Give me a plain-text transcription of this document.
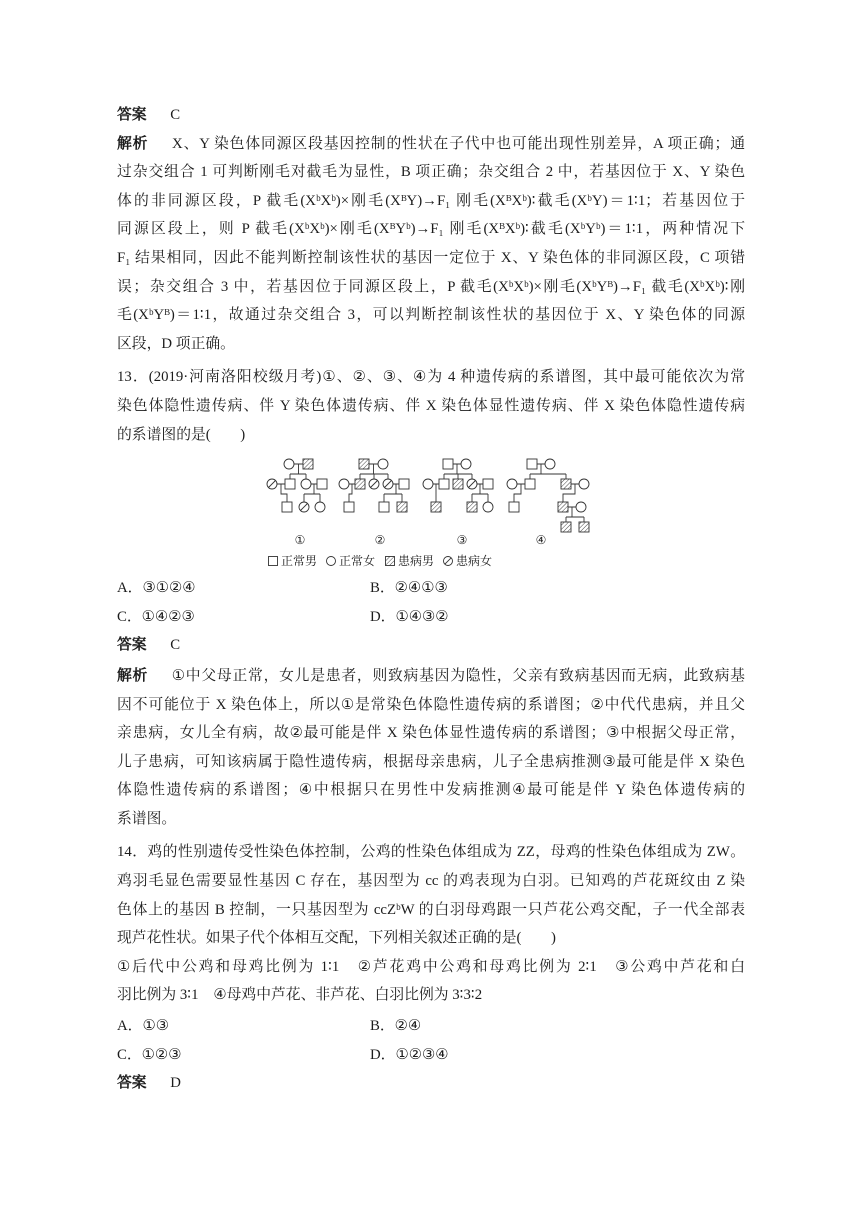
答案 C
解析 X、Y 染色体同源区段基因控制的性状在子代中也可能出现性别差异，A 项正确；通
过杂交组合 1 可判断刚毛对截毛为显性，B 项正确；杂交组合 2 中，若基因位于 X、Y 染色
体的非同源区段，P 截毛(XᵇXᵇ)×刚毛(XᴮY)→F₁ 刚毛(XᴮXᵇ)∶截毛(XᵇY)＝1∶1；若基因位于
同源区段上，则 P 截毛(XᵇXᵇ)×刚毛(XᴮYᵇ)→F₁ 刚毛(XᴮXᵇ)∶截毛(XᵇYᵇ)＝1∶1，两种情况下
F₁ 结果相同，因此不能判断控制该性状的基因一定位于 X、Y 染色体的非同源区段，C 项错
误；杂交组合 3 中，若基因位于同源区段上，P 截毛(XᵇXᵇ)×刚毛(XᵇYᴮ)→F₁ 截毛(XᵇXᵇ)∶刚
毛(XᵇYᴮ)＝1∶1，故通过杂交组合 3，可以判断控制该性状的基因位于 X、Y 染色体的同源
区段，D 项正确。
13．(2019·河南洛阳校级月考)①、②、③、④为 4 种遗传病的系谱图，其中最可能依次为常
染色体隐性遗传病、伴 Y 染色体遗传病、伴 X 染色体显性遗传病、伴 X 染色体隐性遗传病
的系谱图的是(　　)
①	②	③	④
正常男 正常女 患病男 患病女
A．③①②④	B．②④①③
C．①④②③	D．①④③②
答案 C
解析 ①中父母正常，女儿是患者，则致病基因为隐性，父亲有致病基因而无病，此致病基
因不可能位于 X 染色体上，所以①是常染色体隐性遗传病的系谱图；②中代代患病，并且父
亲患病，女儿全有病，故②最可能是伴 X 染色体显性遗传病的系谱图；③中根据父母正常，
儿子患病，可知该病属于隐性遗传病，根据母亲患病，儿子全患病推测③最可能是伴 X 染色
体隐性遗传病的系谱图；④中根据只在男性中发病推测④最可能是伴 Y 染色体遗传病的
系谱图。
14．鸡的性别遗传受性染色体控制，公鸡的性染色体组成为 ZZ，母鸡的性染色体组成为 ZW。
鸡羽毛显色需要显性基因 C 存在，基因型为 cc 的鸡表现为白羽。已知鸡的芦花斑纹由 Z 染
色体上的基因 B 控制，一只基因型为 ccZᵇW 的白羽母鸡跟一只芦花公鸡交配，子一代全部表
现芦花性状。如果子代个体相互交配，下列相关叙述正确的是(　　)
①后代中公鸡和母鸡比例为 1∶1　②芦花鸡中公鸡和母鸡比例为 2∶1　③公鸡中芦花和白
羽比例为 3∶1　④母鸡中芦花、非芦花、白羽比例为 3∶3∶2
A．①③	B．②④
C．①②③	D．①②③④
答案 D
